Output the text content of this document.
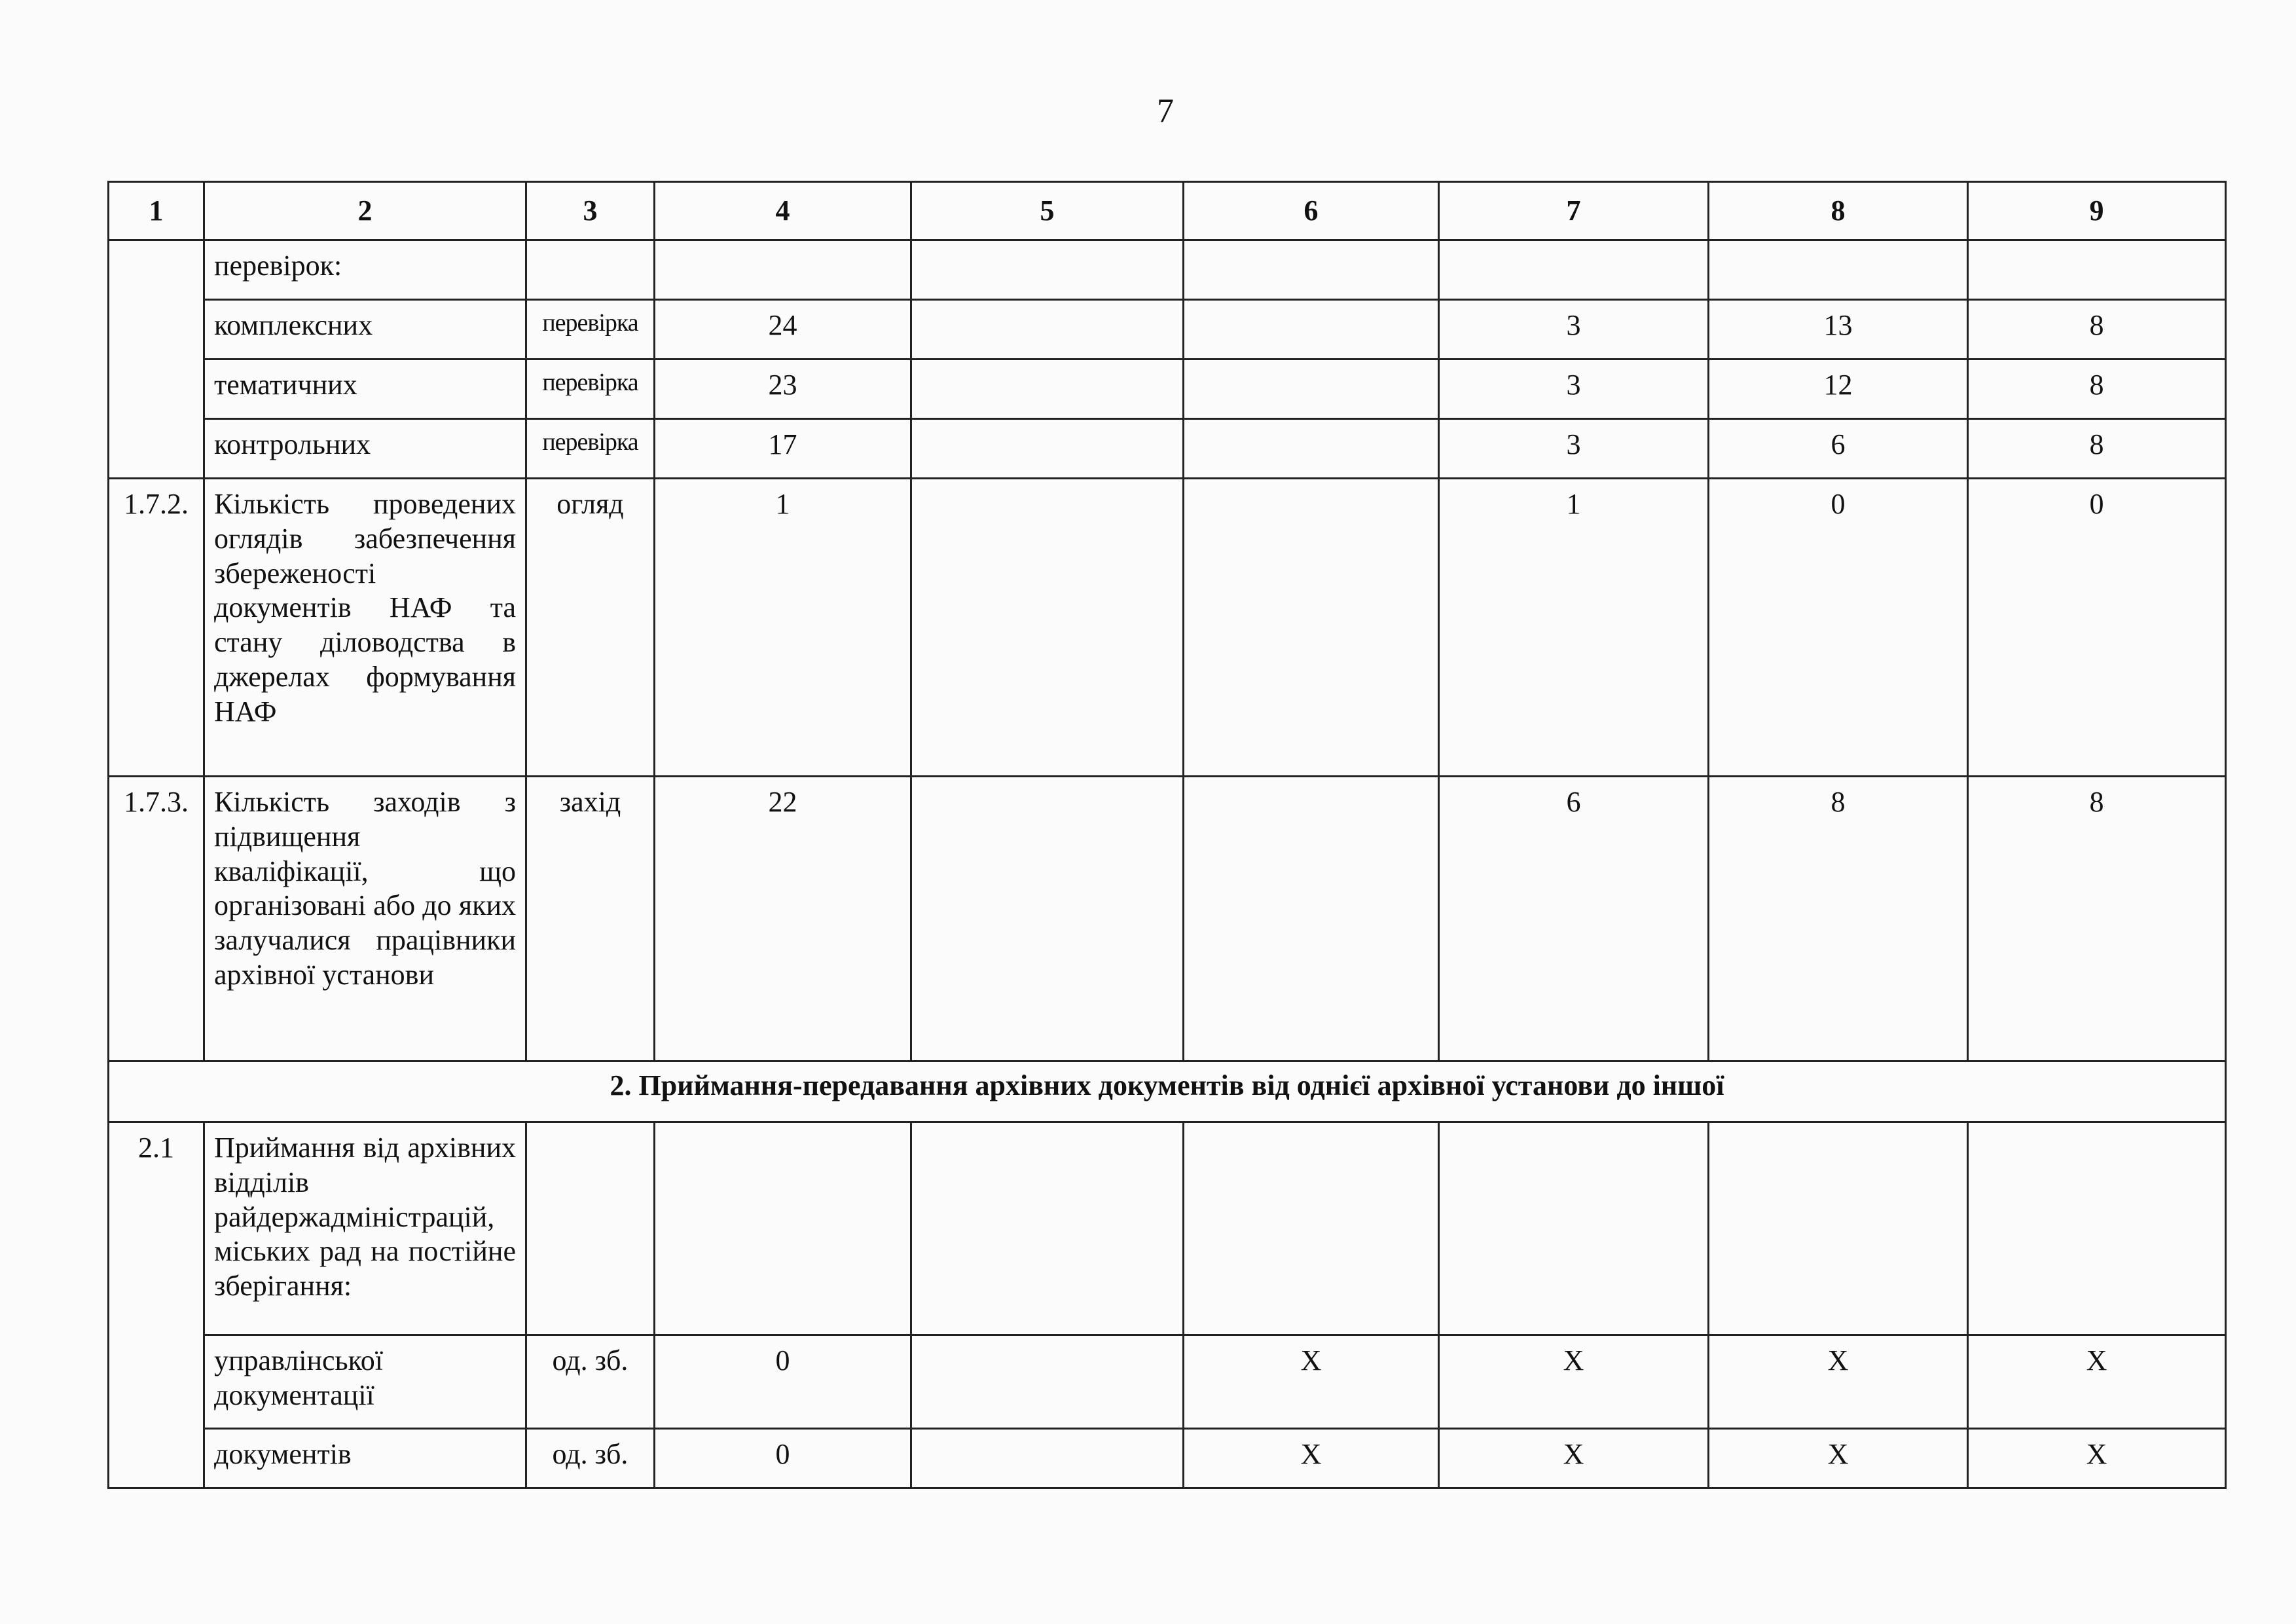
7
1	2	3	4	5	6	7	8	9
	перевірок:							
	комплексних	перевірка	24			3	13	8
	тематичних	перевірка	23			3	12	8
	контрольних	перевірка	17			3	6	8
1.7.2.	Кількість проведених оглядів забезпечення збереженості документів НАФ та стану діловодства в джерелах формування НАФ	огляд	1			1	0	0
1.7.3.	Кількість заходів з підвищення кваліфікації, що організовані або до яких залучалися працівники архівної установи	захід	22			6	8	8
2. Приймання-передавання архівних документів від однієї архівної установи до іншої								
2.1	Приймання від архівних відділів райдержадміністрацій, міських рад на постійне зберігання:							
	управлінської документації	од. зб.	0		X	X	X	X
	документів	од. зб.	0		X	X	X	X
